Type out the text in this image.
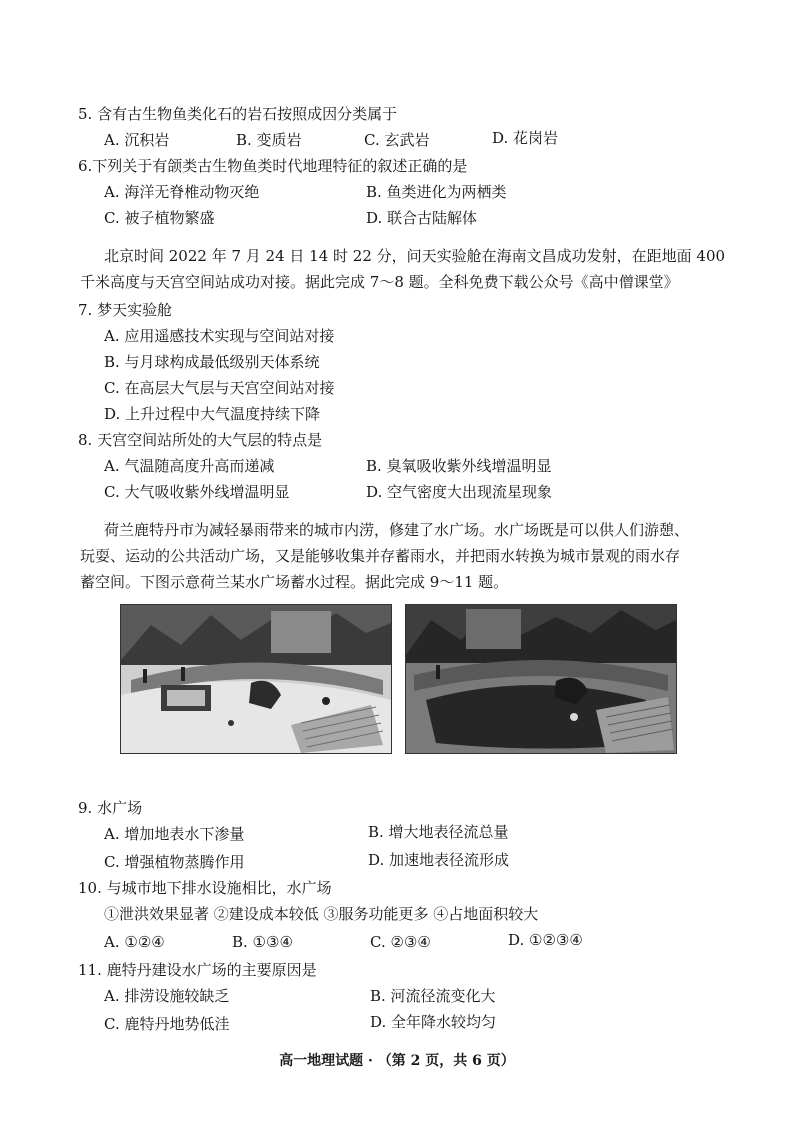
5. 含有古生物鱼类化石的岩石按照成因分类属于
A. 沉积岩	B. 变质岩	C. 玄武岩	D. 花岗岩
6.下列关于有颌类古生物鱼类时代地理特征的叙述正确的是
A. 海洋无脊椎动物灭绝	B. 鱼类进化为两栖类
C. 被子植物繁盛	D. 联合古陆解体
北京时间 2022 年 7 月 24 日 14 时 22 分，问天实验舱在海南文昌成功发射，在距地面 400
千米高度与天宫空间站成功对接。据此完成 7～8 题。全科免费下载公众号《高中僧课堂》
7. 梦天实验舱
A. 应用遥感技术实现与空间站对接
B. 与月球构成最低级别天体系统
C. 在高层大气层与天宫空间站对接
D. 上升过程中大气温度持续下降
8. 天宫空间站所处的大气层的特点是
A. 气温随高度升高而递减	B. 臭氧吸收紫外线增温明显
C. 大气吸收紫外线增温明显	D. 空气密度大出现流星现象
荷兰鹿特丹市为减轻暴雨带来的城市内涝，修建了水广场。水广场既是可以供人们游憩、
玩耍、运动的公共活动广场，又是能够收集并存蓄雨水，并把雨水转换为城市景观的雨水存
蓄空间。下图示意荷兰某水广场蓄水过程。据此完成 9～11 题。
9. 水广场
A. 增加地表水下渗量	B. 增大地表径流总量
C. 增强植物蒸腾作用	D. 加速地表径流形成
10. 与城市地下排水设施相比，水广场
①泄洪效果显著 ②建设成本较低 ③服务功能更多 ④占地面积较大
A. ①②④	B. ①③④	C. ②③④	D. ①②③④
11. 鹿特丹建设水广场的主要原因是
A. 排涝设施较缺乏	B. 河流径流变化大
C. 鹿特丹地势低洼	D. 全年降水较均匀
高一地理试题 · （第 2 页，共 6 页）
